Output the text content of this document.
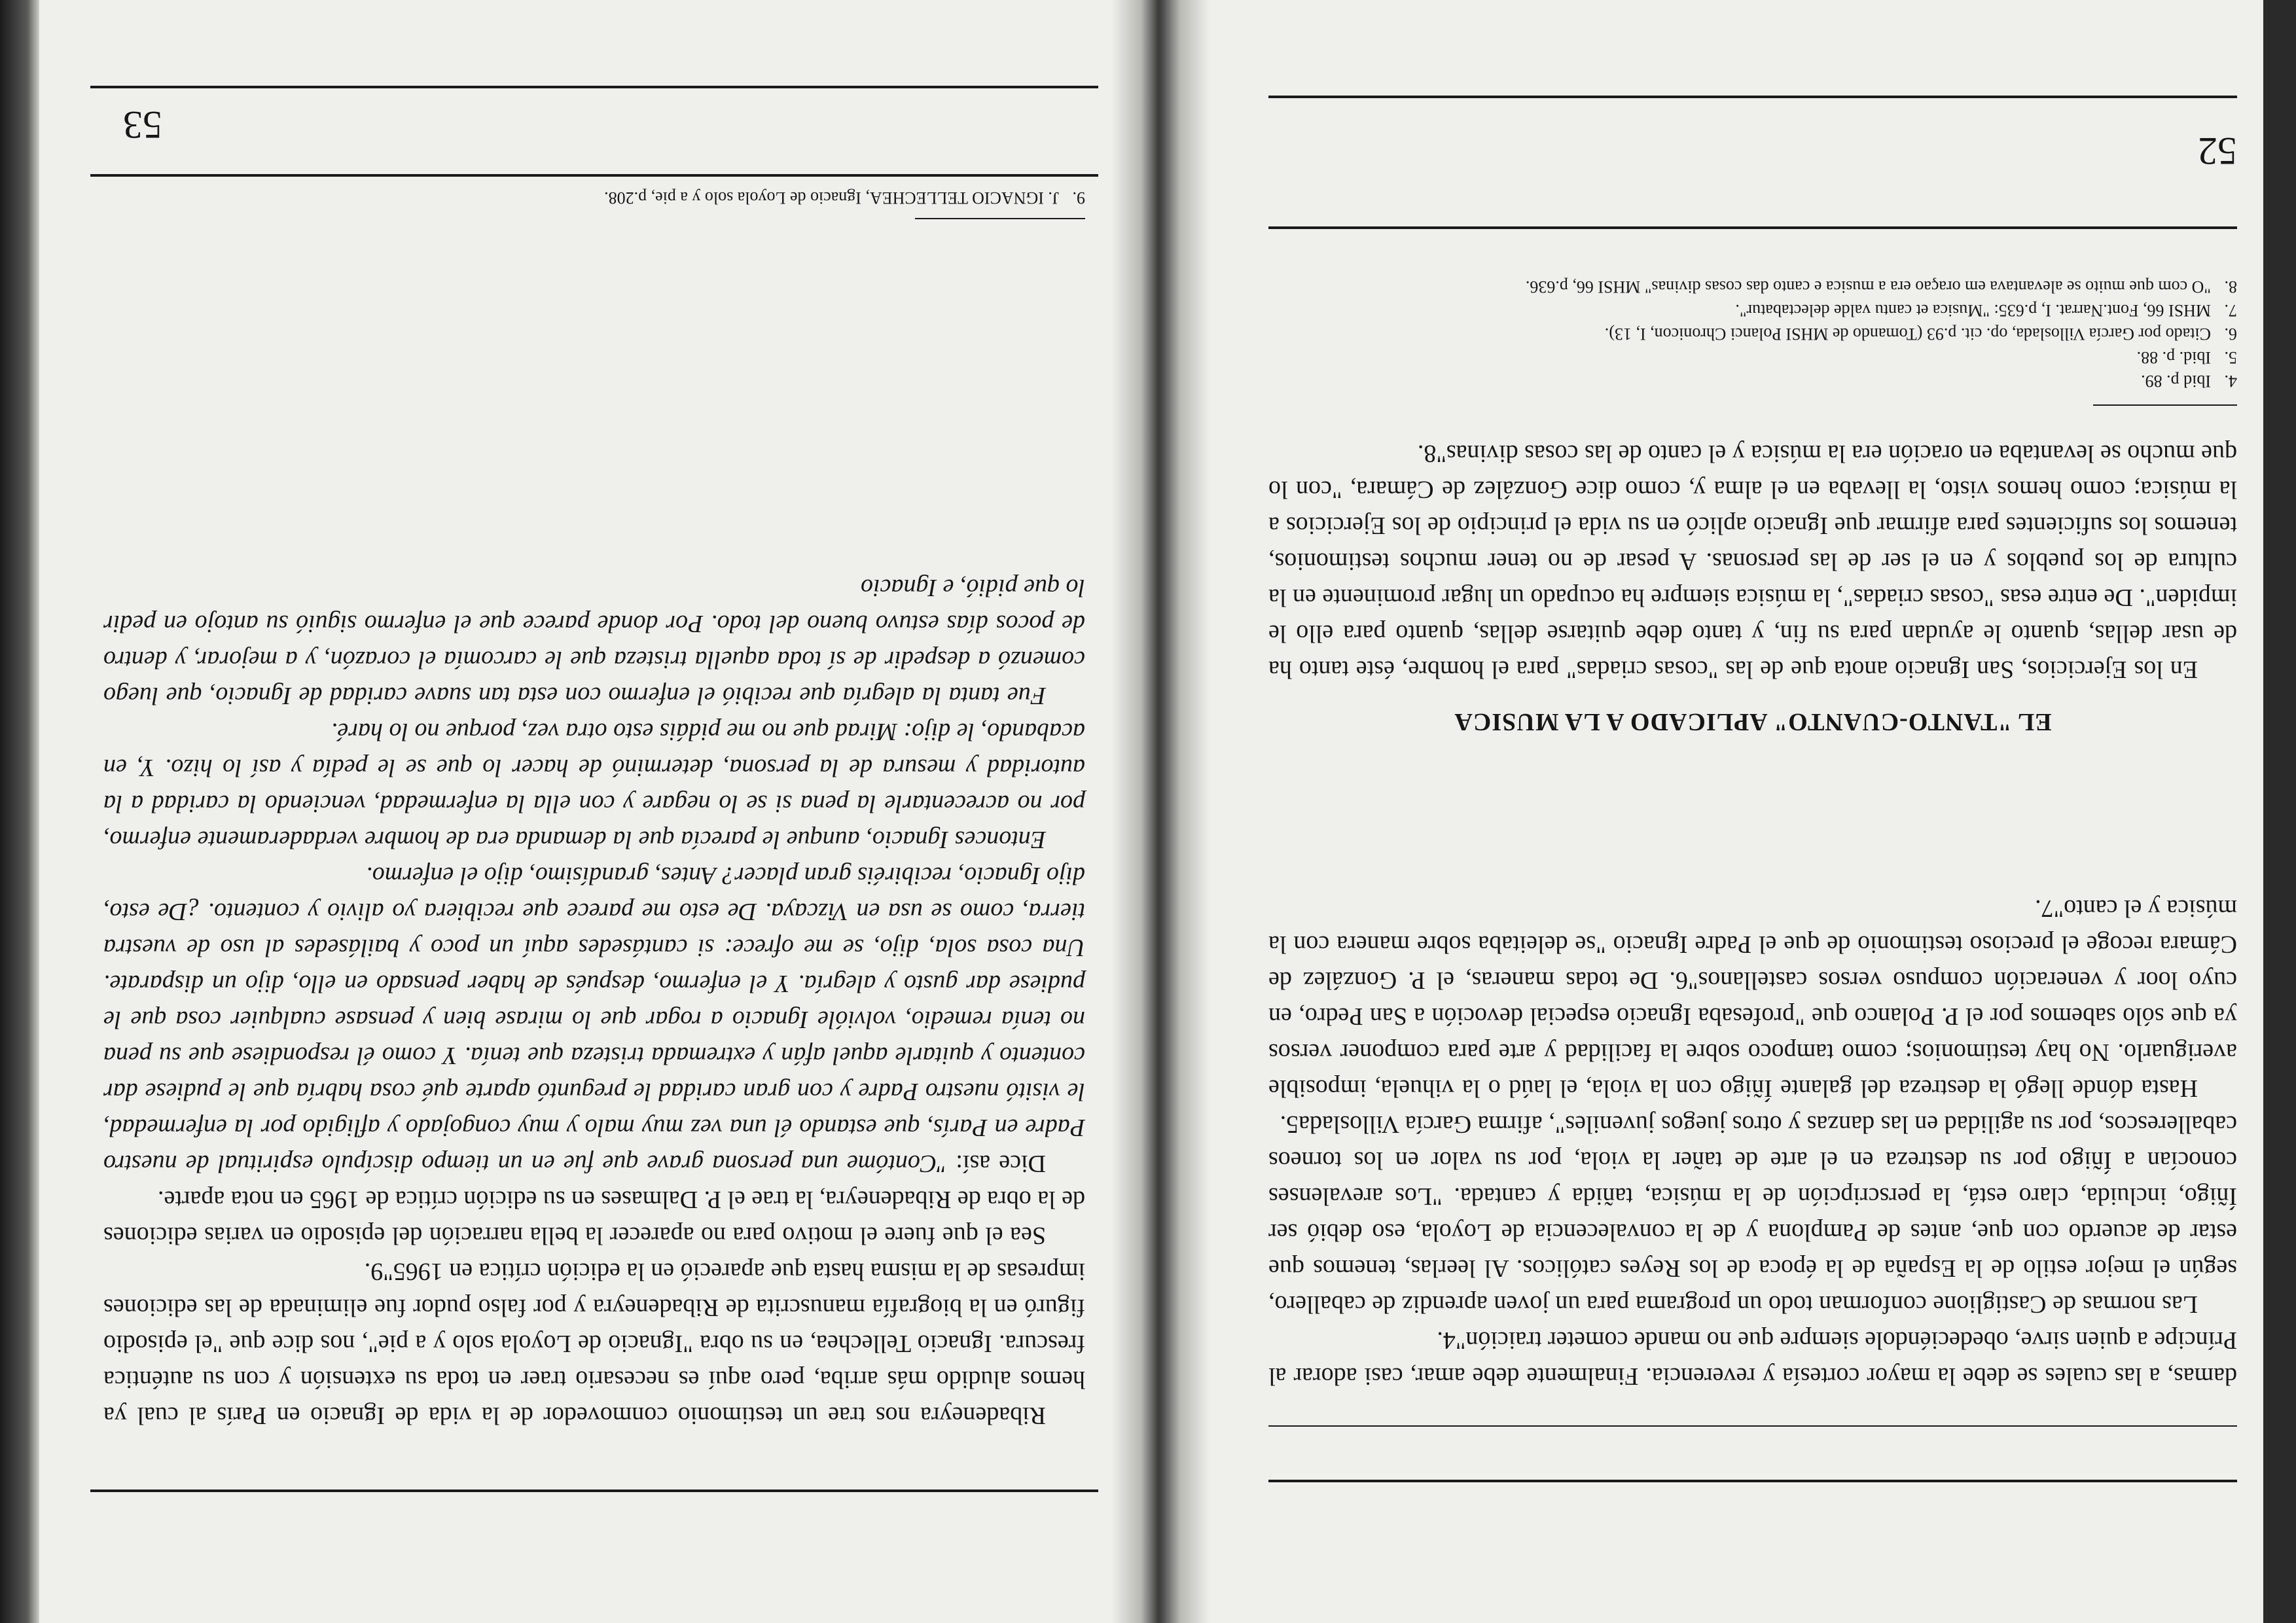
damas, a las cuales se debe la mayor cortesía y reverencia. Finalmente debe amar, casi adorar al Príncipe a quien sirve, obedeciéndole siempre que no mande cometer traición"4.

Las normas de Castiglione conforman todo un programa para un joven aprendiz de caballero, según el mejor estilo de la España de la época de los Reyes católicos. Al leerlas, tenemos que estar de acuerdo con que, antes de Pamplona y de la convalecencia de Loyola, eso debió ser Íñigo, incluida, claro está, la perscripción de la música, tañida y cantada. "Los arevalenses conocían a Íñigo por su destreza en el arte de tañer la viola, por su valor en los torneos caballerescos, por su agilidad en las danzas y otros juegos juveniles", afirma García Villoslada5.

Hasta dónde llegó la destreza del galante Íñigo con la viola, el laúd o la vihuela, imposible averiguarlo. No hay testimonios; como tampoco sobre la facilidad y arte para componer versos ya que sólo sabemos por el P. Polanco que "profesaba Ignacio especial devoción a San Pedro, en cuyo loor y veneración compuso versos castellanos"6. De todas maneras, el P. González de Cámara recoge el precioso testimonio de que el Padre Ignacio "se deleitaba sobre manera con la música y el canto"7.

EL "TANTO-CUANTO" APLICADO A LA MUSICA

En los Ejercicios, San Ignacio anota que de las "cosas criadas" para el hombre, éste tanto ha de usar dellas, quanto le ayudan para su fin, y tanto debe quitarse dellas, quanto para ello le impiden". De entre esas "cosas criadas", la música siempre ha ocupado un lugar prominente en la cultura de los pueblos y en el ser de las personas. A pesar de no tener muchos testimonios, tenemos los suficientes para afirmar que Ignacio aplicó en su vida el principio de los Ejercicios a la música; como hemos visto, la llevaba en el alma y, como dice González de Cámara, "con lo que mucho se levantaba en oración era la música y el canto de las cosas divinas"8.

4.Ibid p. 89.
5.Ibid. p. 88.
6.Citado por García Villoslada, op. cit. p.93 (Tomando de MHSI Polanci Chronicon, I, 13).
7.MHSI 66, Font.Narrat. I, p.635: "Musica et cantu valde delectabatur".
8."O com que muito se alevantava em oraçao era a musica e canto das cosas divinas" MHSI 66, p.636.
52

Ribadeneyra nos trae un testimonio conmovedor de la vida de Ignacio en París al cual ya hemos aludido más arriba, pero aquí es necesario traer en toda su extensión y con su auténtica frescura. Ignacio Tellechea, en su obra "Ignacio de Loyola solo y a pie", nos dice que "el episodio figuró en la biografía manuscrita de Ribadeneyra y por falso pudor fue eliminada de las ediciones impresas de la misma hasta que apareció en la edición crítica en 1965"9.

Sea el que fuere el motivo para no aparecer la bella narración del episodio en varias ediciones de la obra de Ribadeneyra, la trae el P. Dalmases en su edición crítica de 1965 en nota aparte.

Dice así: "Contóme una persona grave que fue en un tiempo discípulo espiritual de nuestro Padre en París, que estando él una vez muy malo y muy congojado y afligido por la enfermedad, le visitó nuestro Padre y con gran caridad le preguntó aparte qué cosa habría que le pudiese dar contento y quitarle aquel afán y extremada tristeza que tenía. Y como él respondiese que su pena no tenía remedio, volvióle Ignacio a rogar que lo mirase bien y pensase cualquier cosa que le pudiese dar gusto y alegría. Y el enfermo, después de haber pensado en ello, dijo un disparate. Una cosa sola, dijo, se me ofrece: si cantásedes aquí un poco y bailásedes al uso de vuestra tierra, como se usa en Vizcaya. De esto me parece que recibiera yo alivio y contento. ¿De esto, dijo Ignacio, recibiréis gran placer? Antes, grandísimo, dijo el enfermo.

Entonces Ignacio, aunque le parecía que la demanda era de hombre verdaderamente enfermo, por no acrecentarle la pena si se lo negare y con ella la enfermedad, venciendo la caridad a la autoridad y mesura de la persona, determinó de hacer lo que se le pedía y así lo hizo. Y, en acabando, le dijo: Mirad que no me pidáis esto otra vez, porque no lo haré.

Fue tanta la alegría que recibió el enfermo con esta tan suave caridad de Ignacio, que luego comenzó a despedir de sí toda aquella tristeza que le carcomía el corazón, y a mejorar, y dentro de pocos días estuvo bueno del todo. Por donde parece que el enfermo siguió su antojo en pedir lo que pidió, e Ignacio

9.J. IGNACIO TELLECHEA, Ignacio de Loyola solo y a pie, p.208.
53
